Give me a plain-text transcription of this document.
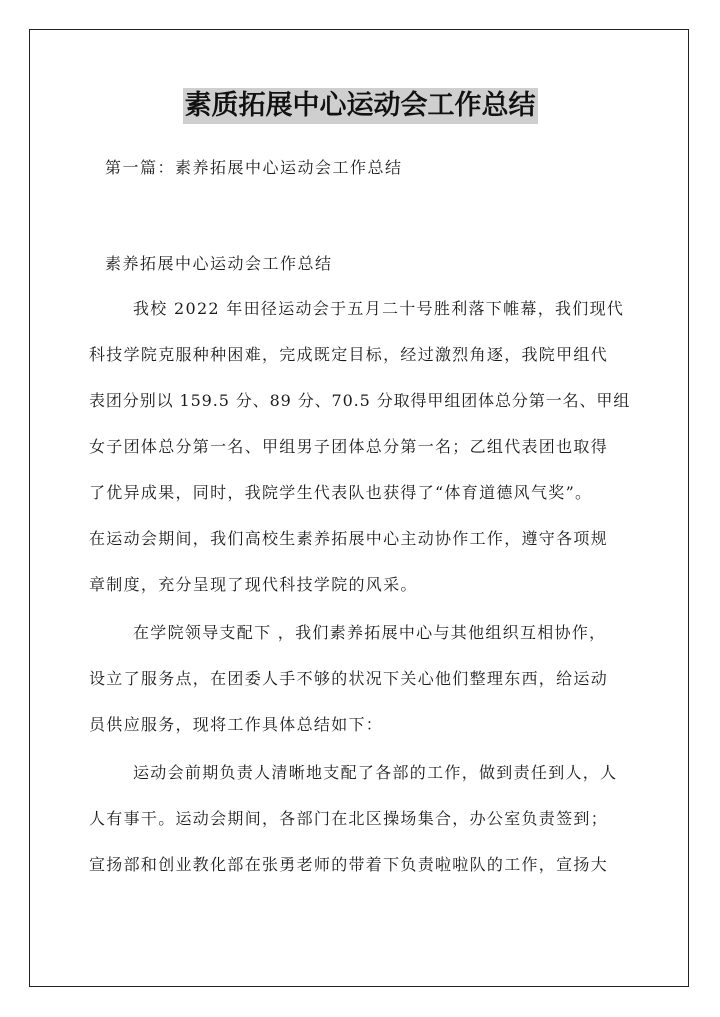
素质拓展中心运动会工作总结
第一篇：素养拓展中心运动会工作总结
素养拓展中心运动会工作总结
我校 2022 年田径运动会于五月二十号胜利落下帷幕，我们现代
科技学院克服种种困难，完成既定目标，经过激烈角逐，我院甲组代
表团分别以 159.5 分、89 分、70.5 分取得甲组团体总分第一名、甲组
女子团体总分第一名、甲组男子团体总分第一名；乙组代表团也取得
了优异成果，同时，我院学生代表队也获得了“体育道德风气奖”。
在运动会期间，我们高校生素养拓展中心主动协作工作，遵守各项规
章制度，充分呈现了现代科技学院的风采。
在学院领导支配下 ，我们素养拓展中心与其他组织互相协作，
设立了服务点，在团委人手不够的状况下关心他们整理东西，给运动
员供应服务，现将工作具体总结如下：
运动会前期负责人清晰地支配了各部的工作，做到责任到人，人
人有事干。运动会期间，各部门在北区操场集合，办公室负责签到；
宣扬部和创业教化部在张勇老师的带着下负责啦啦队的工作，宣扬大
